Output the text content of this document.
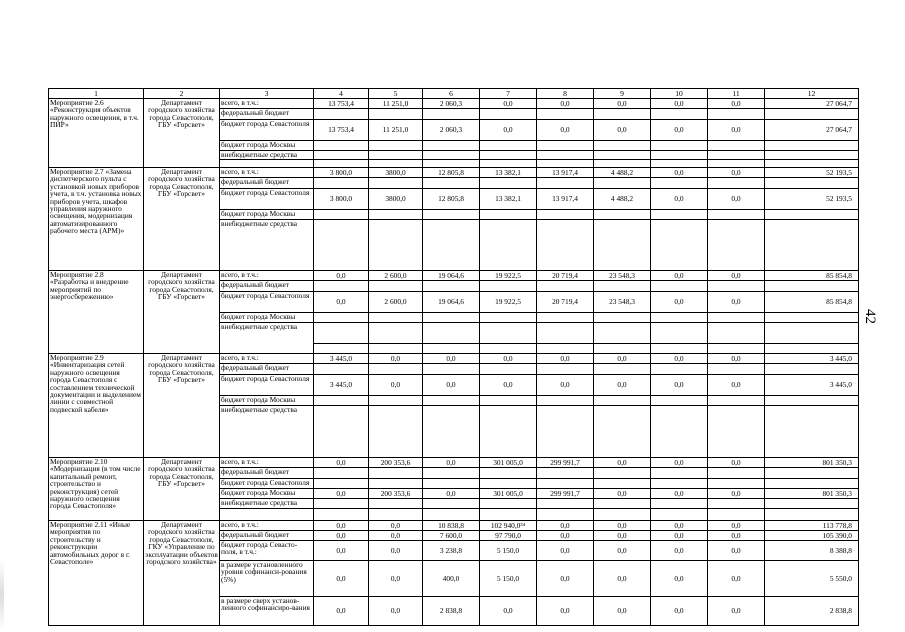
42
1	2	3	4	5	6	7	8	9	10	11	12
Мероприятие 2.6 «Реконструкция объектов наружного освещения, в т.ч. ПИР»	Департамент городского хозяйства города Севастополя, ГБУ «Горсвет»	всего, в т.ч.:	13 753,4	11 251,0	2 060,3	0,0	0,0	0,0	0,0	0,0	27 064,7
		федеральный бюджет									
		бюджет города Севастополя	13 753,4	11 251,0	2 060,3	0,0	0,0	0,0	0,0	0,0	27 064,7
		бюджет города Москвы									
		внебюджетные средства									

Мероприятие 2.7 «Замена диспетчерского пульта с установкой новых приборов учета, в т.ч. установка новых приборов учета, шкафов управления наружного освещения, модернизация автоматизированного рабочего места (АРМ)»	Департамент городского хозяйства города Севастополя, ГБУ «Горсвет»	всего, в т.ч.:	3 800,0	3800,0	12 805,8	13 382,1	13 917,4	4 488,2	0,0	0,0	52 193,5
		федеральный бюджет									
		бюджет города Севастополя	3 800,0	3800,0	12 805,8	13 382,1	13 917,4	4 488,2	0,0	0,0	52 193,5
		бюджет города Москвы									
		внебюджетные средства									
Мероприятие 2.8 «Разработка и внедрение мероприятий по энергосбережению»	Департамент городского хозяйства города Севастополя, ГБУ «Горсвет»	всего, в т.ч.:	0,0	2 600,0	19 064,6	19 922,5	20 719,4	23 548,3	0,0	0,0	85 854,8
		федеральный бюджет									
		бюджет города Севастополя	0,0	2 600,0	19 064,6	19 922,5	20 719,4	23 548,3	0,0	0,0	85 854,8
		бюджет города Москвы									
		внебюджетные средства									

Мероприятие 2.9 «Инвентаризация сетей наружного освещения города Севастополя с составлением технической документации и выделением линии с совместной подвеской кабеля»	Департамент городского хозяйства города Севастополя, ГБУ «Горсвет»	всего, в т.ч.:	3 445,0	0,0	0,0	0,0	0,0	0,0	0,0	0,0	3 445,0
		федеральный бюджет									
		бюджет города Севастополя	3 445,0	0,0	0,0	0,0	0,0	0,0	0,0	0,0	3 445,0
		бюджет города Москвы									
		внебюджетные средства									
Мероприятие 2.10 «Модернизация (в том числе капитальный ремонт, строительство и реконструкция) сетей наружного освещения города Севастополя»	Департамент городского хозяйства города Севастополя, ГБУ «Горсвет»	всего, в т.ч.:	0,0	200 353,6	0,0	301 005,0	299 991,7	0,0	0,0	0,0	801 350,3
		федеральный бюджет									
		бюджет города Севастополя									
		бюджет города Москвы	0,0	200 353,6	0,0	301 005,0	299 991,7	0,0	0,0	0,0	801 350,3
		внебюджетные средства									

Мероприятие 2.11 «Иные мероприятия по строительству и реконструкции автомобильных дорог в г. Севастополе»	Департамент городского хозяйства города Севастополя, ГКУ «Управление по эксплуатации объектов городского хозяйства»	всего, в т.ч.:	0,0	0,0	10 838,8	102 940,0³⁴	0,0	0,0	0,0	0,0	113 778,8
		федеральный бюджет	0,0	0,0	7 600,0	97 790,0	0,0	0,0	0,0	0,0	105 390,0
		бюджет города Севасто-поля, в т.ч.:	0,0	0,0	3 238,8	5 150,0	0,0	0,0	0,0	0,0	8 388,8
		в размере установленного уровня софинанси-рования (5%)	0,0	0,0	400,0	5 150,0	0,0	0,0	0,0	0,0	5 550,0
		в размере сверх установ-ленного софинансиро-вания	0,0	0,0	2 838,8	0,0	0,0	0,0	0,0	0,0	2 838,8
